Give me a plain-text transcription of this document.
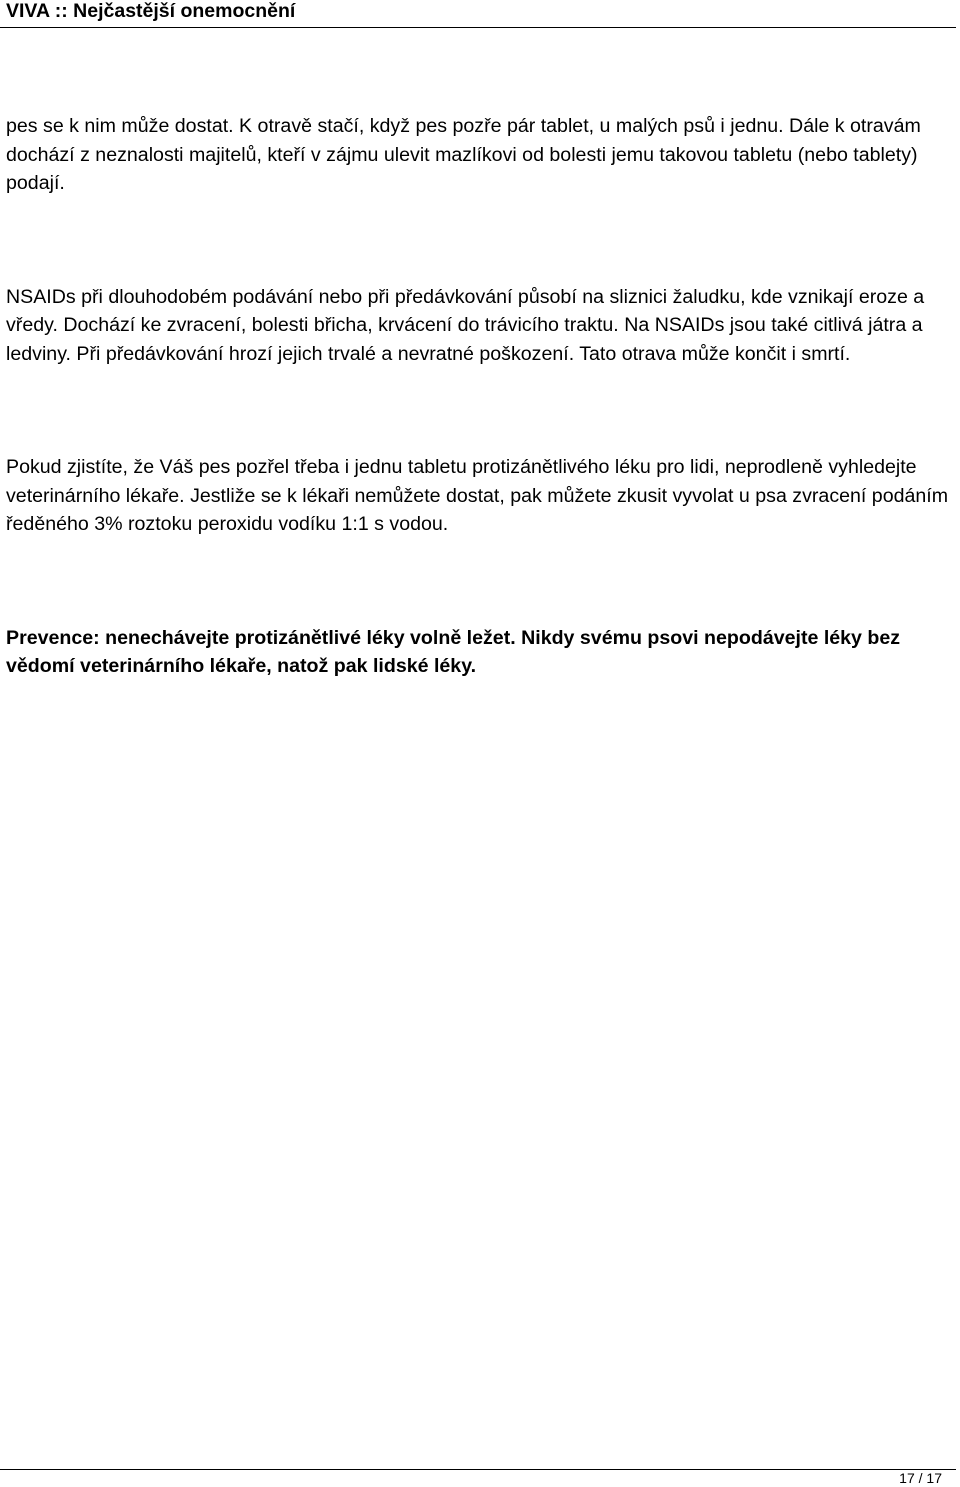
VIVA :: Nejčastější onemocnění

pes se k nim může dostat. K otravě stačí, když pes pozře pár tablet, u malých psů i jednu. Dále k otravám dochází z neznalosti majitelů, kteří v zájmu ulevit mazlíkovi od bolesti jemu takovou tabletu (nebo tablety) podají.

NSAIDs při dlouhodobém podávání nebo při předávkování působí na sliznici žaludku, kde vznikají eroze a vředy. Dochází ke zvracení, bolesti břicha, krvácení do trávicího traktu. Na NSAIDs jsou také citlivá játra a ledviny. Při předávkování hrozí jejich trvalé a nevratné poškození. Tato otrava může končit i smrtí.

Pokud zjistíte, že Váš pes pozřel třeba i jednu tabletu protizánětlivého léku pro lidi, neprodleně vyhledejte veterinárního lékaře. Jestliže se k lékaři nemůžete dostat, pak můžete zkusit vyvolat u psa zvracení podáním ředěného 3% roztoku peroxidu vodíku 1:1 s vodou.

Prevence: nenechávejte protizánětlivé léky volně ležet. Nikdy svému psovi nepodávejte léky bez vědomí veterinárního lékaře, natož pak lidské léky.

17 / 17
